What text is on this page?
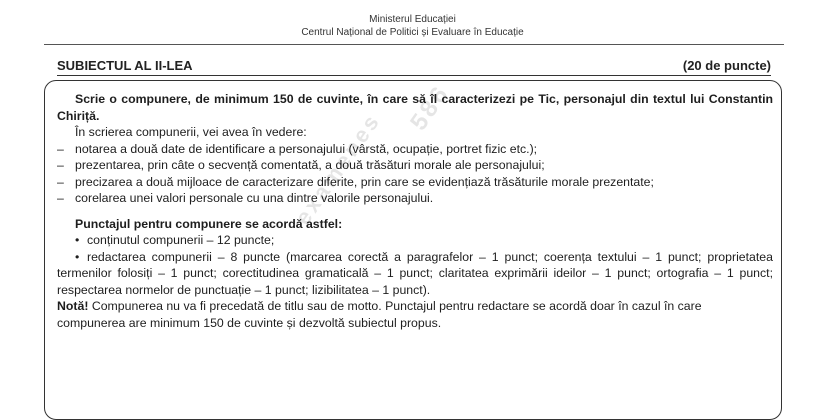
Ministerul Educației
Centrul Național de Politici și Evaluare în Educație
SUBIECTUL AL II-LEA	(20 de puncte)

Scrie o compunere, de minimum 150 de cuvinte, în care să îl caracterizezi pe Tic, personajul din textul lui Constantin Chiriță.

În scrierea compunerii, vei avea în vedere:

– notarea a două date de identificare a personajului (vârstă, ocupație, portret fizic etc.);

– prezentarea, prin câte o secvență comentată, a două trăsături morale ale personajului;

– precizarea a două mijloace de caracterizare diferite, prin care se evidențiază trăsăturile morale prezentate;

– corelarea unei valori personale cu una dintre valorile personajului.

Punctajul pentru compunere se acordă astfel:

• conținutul compunerii – 12 puncte;

• redactarea compunerii – 8 puncte (marcarea corectă a paragrafelor – 1 punct; coerența textului – 1 punct; proprietatea termenilor folosiți – 1 punct; corectitudinea gramaticală – 1 punct; claritatea exprimării ideilor – 1 punct; ortografia – 1 punct; respectarea normelor de punctuație – 1 punct; lizibilitatea – 1 punct).

Notă! Compunerea nu va fi precedată de titlu sau de motto. Punctajul pentru redactare se acordă doar în cazul în care compunerea are minimum 150 de cuvinte și dezvoltă subiectul propus.

examenes
586
